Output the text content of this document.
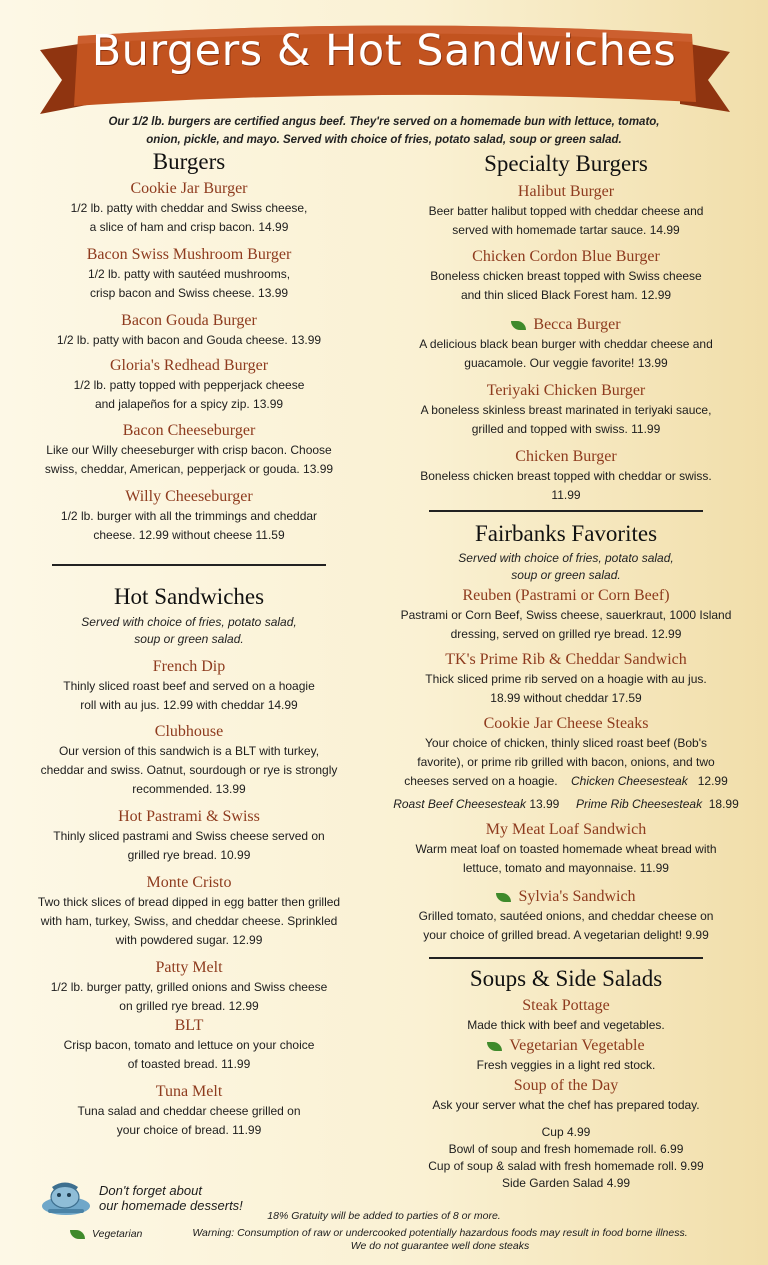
Burgers & Hot Sandwiches
Our 1/2 lb. burgers are certified angus beef. They're served on a homemade bun with lettuce, tomato, onion, pickle, and mayo. Served with choice of fries, potato salad, soup or green salad.
Burgers
Cookie Jar Burger
1/2 lb. patty with cheddar and Swiss cheese,
a slice of ham and crisp bacon. 14.99
Bacon Swiss Mushroom Burger
1/2 lb. patty with sautéed mushrooms,
crisp bacon and Swiss cheese. 13.99
Bacon Gouda Burger
1/2 lb. patty with bacon and Gouda cheese. 13.99
Gloria's Redhead Burger
1/2 lb. patty topped with pepperjack cheese
and jalapeños for a spicy zip. 13.99
Bacon Cheeseburger
Like our Willy cheeseburger with crisp bacon. Choose
swiss, cheddar, American, pepperjack or gouda. 13.99
Willy Cheeseburger
1/2 lb. burger with all the trimmings and cheddar
cheese. 12.99 without cheese 11.59
Hot Sandwiches
Served with choice of fries, potato salad,
soup or green salad.
French Dip
Thinly sliced roast beef and served on a hoagie
roll with au jus. 12.99 with cheddar 14.99
Clubhouse
Our version of this sandwich is a BLT with turkey,
cheddar and swiss. Oatnut, sourdough or rye is strongly
recommended. 13.99
Hot Pastrami & Swiss
Thinly sliced pastrami and Swiss cheese served on
grilled rye bread. 10.99
Monte Cristo
Two thick slices of bread dipped in egg batter then grilled
with ham, turkey, Swiss, and cheddar cheese. Sprinkled
with powdered sugar. 12.99
Patty Melt
1/2 lb. burger patty, grilled onions and Swiss cheese
on grilled rye bread. 12.99
BLT
Crisp bacon, tomato and lettuce on your choice
of toasted bread. 11.99
Tuna Melt
Tuna salad and cheddar cheese grilled on
your choice of bread. 11.99
Specialty Burgers
Halibut Burger
Beer batter halibut topped with cheddar cheese and
served with homemade tartar sauce. 14.99
Chicken Cordon Blue Burger
Boneless chicken breast topped with Swiss cheese
and thin sliced Black Forest ham. 12.99
Becca Burger
A delicious black bean burger with cheddar cheese and
guacamole. Our veggie favorite! 13.99
Teriyaki Chicken Burger
A boneless skinless breast marinated in teriyaki sauce,
grilled and topped with swiss. 11.99
Chicken Burger
Boneless chicken breast topped with cheddar or swiss.
11.99
Fairbanks Favorites
Served with choice of fries, potato salad,
soup or green salad.
Reuben (Pastrami or Corn Beef)
Pastrami or Corn Beef, Swiss cheese, sauerkraut, 1000 Island
dressing, served on grilled rye bread. 12.99
TK's Prime Rib & Cheddar Sandwich
Thick sliced prime rib served on a hoagie with au jus.
18.99 without cheddar 17.59
Cookie Jar Cheese Steaks
Your choice of chicken, thinly sliced roast beef (Bob's
favorite), or prime rib grilled with bacon, onions, and two
cheeses served on a hoagie. Chicken Cheesesteak 12.99
Roast Beef Cheesesteak 13.99 Prime Rib Cheesesteak 18.99
My Meat Loaf Sandwich
Warm meat loaf on toasted homemade wheat bread with
lettuce, tomato and mayonnaise. 11.99
Sylvia's Sandwich
Grilled tomato, sautéed onions, and cheddar cheese on
your choice of grilled bread. A vegetarian delight! 9.99
Soups & Side Salads
Steak Pottage
Made thick with beef and vegetables.
Vegetarian Vegetable
Fresh veggies in a light red stock.
Soup of the Day
Ask your server what the chef has prepared today.
Cup 4.99
Bowl of soup and fresh homemade roll. 6.99
Cup of soup & salad with fresh homemade roll. 9.99
Side Garden Salad 4.99
Don't forget about
our homemade desserts!
18% Gratuity will be added to parties of 8 or more.
Vegetarian	Warning: Consumption of raw or undercooked potentially hazardous foods may result in food borne illness.
We do not guarantee well done steaks
